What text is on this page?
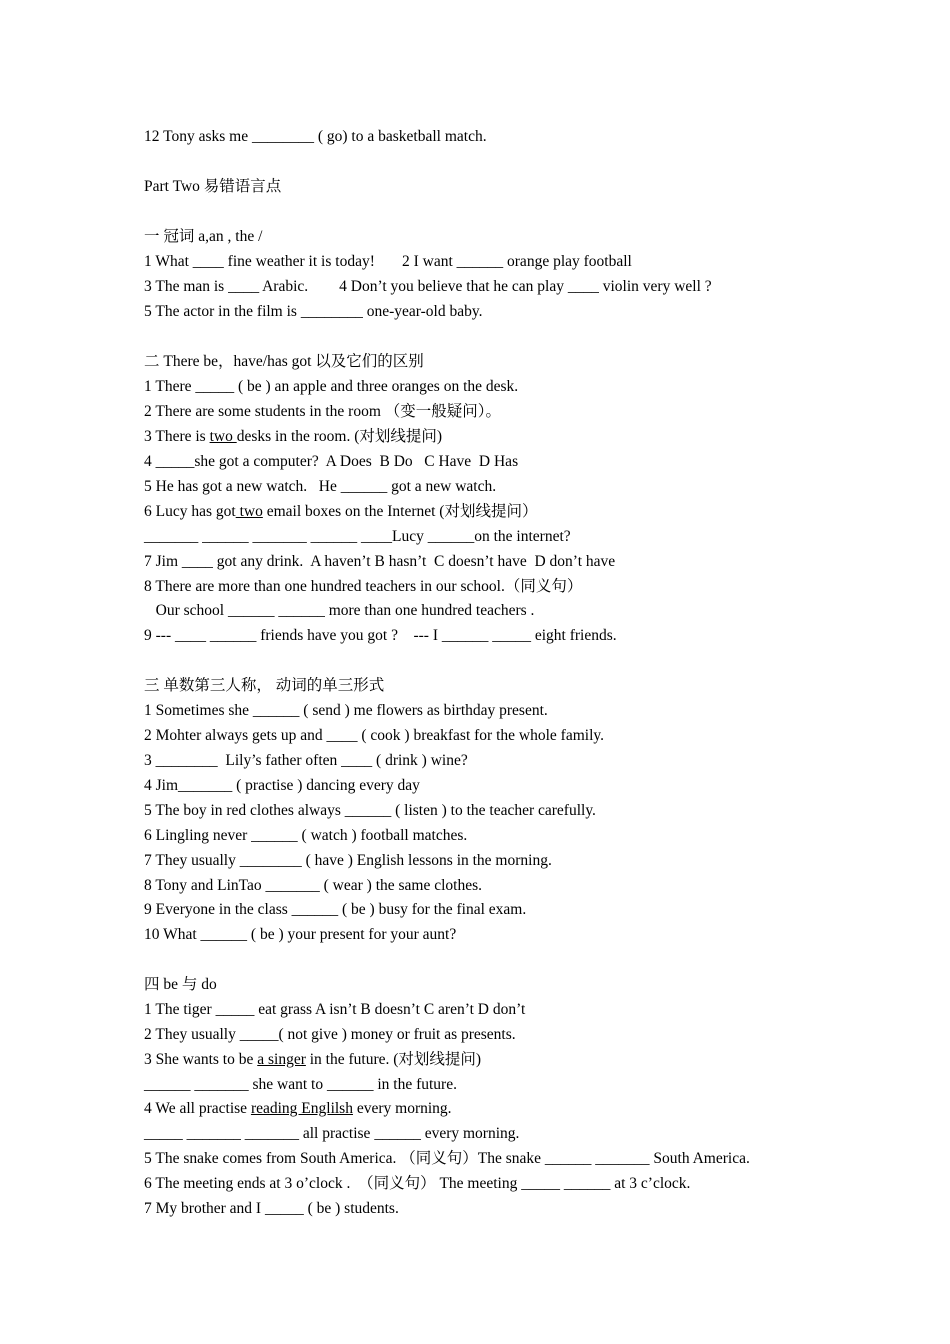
12 Tony asks me ________ ( go) to a basketball match.
Part Two 易错语言点
一 冠词 a,an , the /
1 What ____ fine weather it is today!       2 I want ______ orange play football
3 The man is ____ Arabic.        4 Don’t you believe that he can play ____ violin very well ?
5 The actor in the film is ________ one-year-old baby.
二 There be，have/has got 以及它们的区别
1 There _____ ( be ) an apple and three oranges on the desk.
2 There are some students in the room （变一般疑问）。
3 There is two desks in the room. (对划线提问)
4 _____she got a computer?  A Does  B Do   C Have  D Has
5 He has got a new watch.   He ______ got a new watch.
6 Lucy has got two email boxes on the Internet (对划线提问）
_______ ______ _______ ______ ____Lucy ______on the internet?
7 Jim ____ got any drink.  A haven’t B hasn’t  C doesn’t have  D don’t have
8 There are more than one hundred teachers in our school.（同义句）
Our school ______ ______ more than one hundred teachers .
9 --- ____ ______ friends have you got ?    --- I ______ _____ eight friends.
三 单数第三人称， 动词的单三形式
1 Sometimes she ______ ( send ) me flowers as birthday present.
2 Mohter always gets up and ____ ( cook ) breakfast for the whole family.
3 ________  Lily’s father often ____ ( drink ) wine?
4 Jim_______ ( practise ) dancing every day
5 The boy in red clothes always ______ ( listen ) to the teacher carefully.
6 Lingling never ______ ( watch ) football matches.
7 They usually ________ ( have ) English lessons in the morning.
8 Tony and LinTao _______ ( wear ) the same clothes.
9 Everyone in the class ______ ( be ) busy for the final exam.
10 What ______ ( be ) your present for your aunt?
四 be 与 do
1 The tiger _____ eat grass A isn’t B doesn’t C aren’t D don’t
2 They usually _____( not give ) money or fruit as presents.
3 She wants to be a singer in the future. (对划线提问)
______ _______ she want to ______ in the future.
4 We all practise reading Englilsh every morning.
_____ _______ _______ all practise ______ every morning.
5 The snake comes from South America. （同义句）The snake ______ _______ South America.
6 The meeting ends at 3 o’clock .  （同义句） The meeting _____ ______ at 3 c’clock.
7 My brother and I _____ ( be ) students.
